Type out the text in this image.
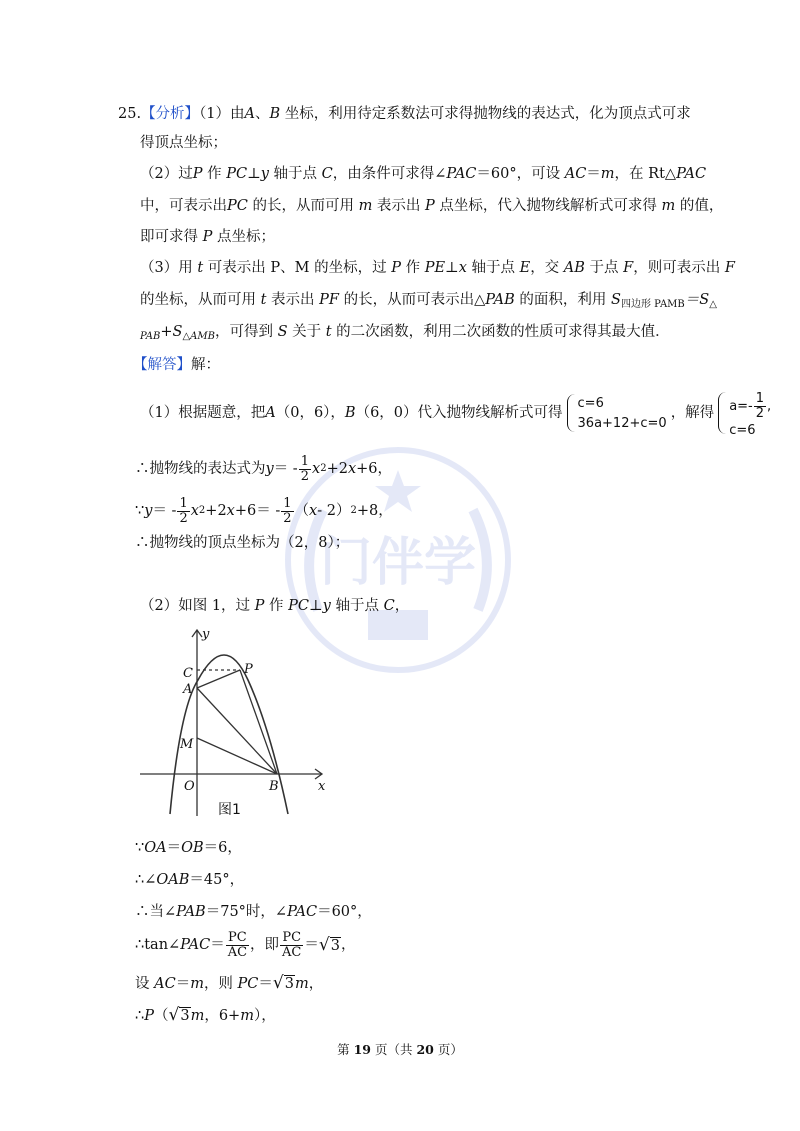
门伴学
25.【分析】（1）由A、B 坐标，利用待定系数法可求得抛物线的表达式，化为顶点式可求
得顶点坐标；
（2）过P 作 PC⊥y 轴于点 C，由条件可求得∠PAC＝60°，可设 AC＝m，在 Rt△PAC
中，可表示出PC 的长，从而可用 m 表示出 P 点坐标，代入抛物线解析式可求得 m 的值，
即可求得 P 点坐标；
（3）用 t 可表示出 P、M 的坐标，过 P 作 PE⊥x 轴于点 E，交 AB 于点 F，则可表示出 F
的坐标，从而可用 t 表示出 PF 的长，从而可表示出△PAB 的面积，利用 $S_{四边形 PAMB}=S_\triangle$
$_{PAB}+S_{\triangle AMB}$，可得到 S 关于 t 的二次函数，利用二次函数的性质可求得其最大值．
【解答】解：
（1）根据题意，把 A （0，6）， B （6，0）代入抛物线解析式可得
c=6
36a+12+c=0
，解得 $a=- \frac{1}{2}$ ,
c=6
∴抛物线的表达式为 y ＝ - $\frac{1}{2}$ x 2 +2 x +6，
∵ y ＝ - $\frac{1}{2}$ x 2 +2 $x +6= - \frac{1}{2}$ （ x - 2） 2 +8，
∴抛物线的顶点坐标为（2，8）；
（2）如图 1，过 P 作 PC⊥y 轴于点 C，
y
x
C	P
A
M
O	B
图1
∵OA＝OB＝6，
∴∠OAB＝45°，
∴当∠PAB＝75°时，∠PAC＝60°，
∴tan∠ PAC ＝ $\frac{PC}{AC}$ ，即 $\frac{PC}{AC}$ ＝ √ 3 ，
设 AC＝m，则 PC＝ √ 3 m，
∴P（ √ 3 m，6+m），
第 19 页（共 20 页）
